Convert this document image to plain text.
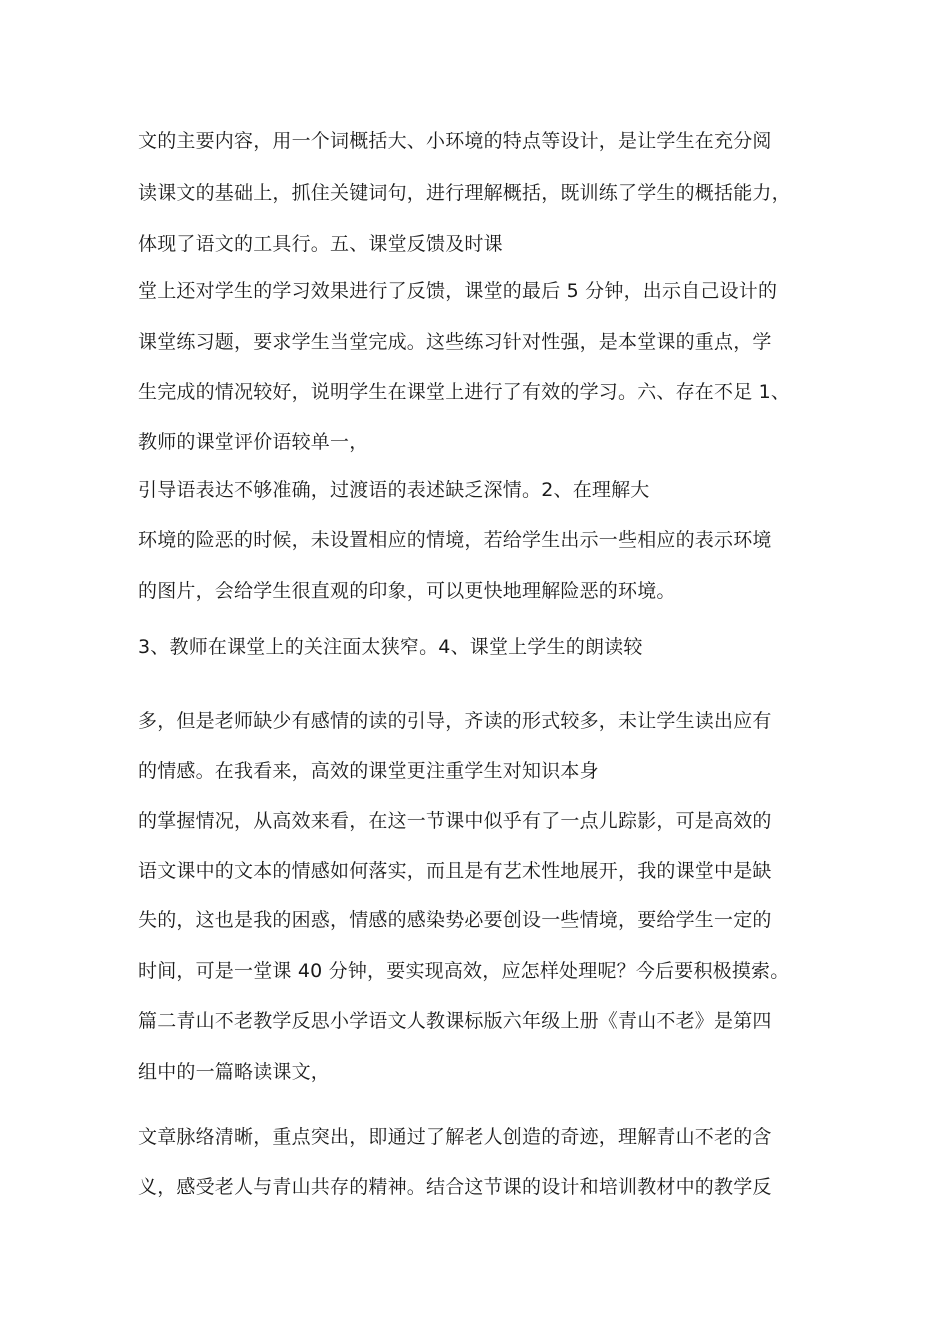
文的主要内容，用一个词概括大、小环境的特点等设计，是让学生在充分阅
读课文的基础上，抓住关键词句，进行理解概括，既训练了学生的概括能力，
体现了语文的工具行。五、课堂反馈及时课
堂上还对学生的学习效果进行了反馈，课堂的最后 5 分钟，出示自己设计的
课堂练习题，要求学生当堂完成。这些练习针对性强，是本堂课的重点，学
生完成的情况较好，说明学生在课堂上进行了有效的学习。六、存在不足 1、
教师的课堂评价语较单一，
引导语表达不够准确，过渡语的表述缺乏深情。2、在理解大
环境的险恶的时候，未设置相应的情境，若给学生出示一些相应的表示环境
的图片，会给学生很直观的印象，可以更快地理解险恶的环境。
3、教师在课堂上的关注面太狭窄。4、课堂上学生的朗读较
多，但是老师缺少有感情的读的引导，齐读的形式较多，未让学生读出应有
的情感。在我看来，高效的课堂更注重学生对知识本身
的掌握情况，从高效来看，在这一节课中似乎有了一点儿踪影，可是高效的
语文课中的文本的情感如何落实，而且是有艺术性地展开，我的课堂中是缺
失的，这也是我的困惑，情感的感染势必要创设一些情境，要给学生一定的
时间，可是一堂课 40 分钟，要实现高效，应怎样处理呢？今后要积极摸索。
篇二青山不老教学反思小学语文人教课标版六年级上册《青山不老》是第四
组中的一篇略读课文，
文章脉络清晰，重点突出，即通过了解老人创造的奇迹，理解青山不老的含
义，感受老人与青山共存的精神。结合这节课的设计和培训教材中的教学反
